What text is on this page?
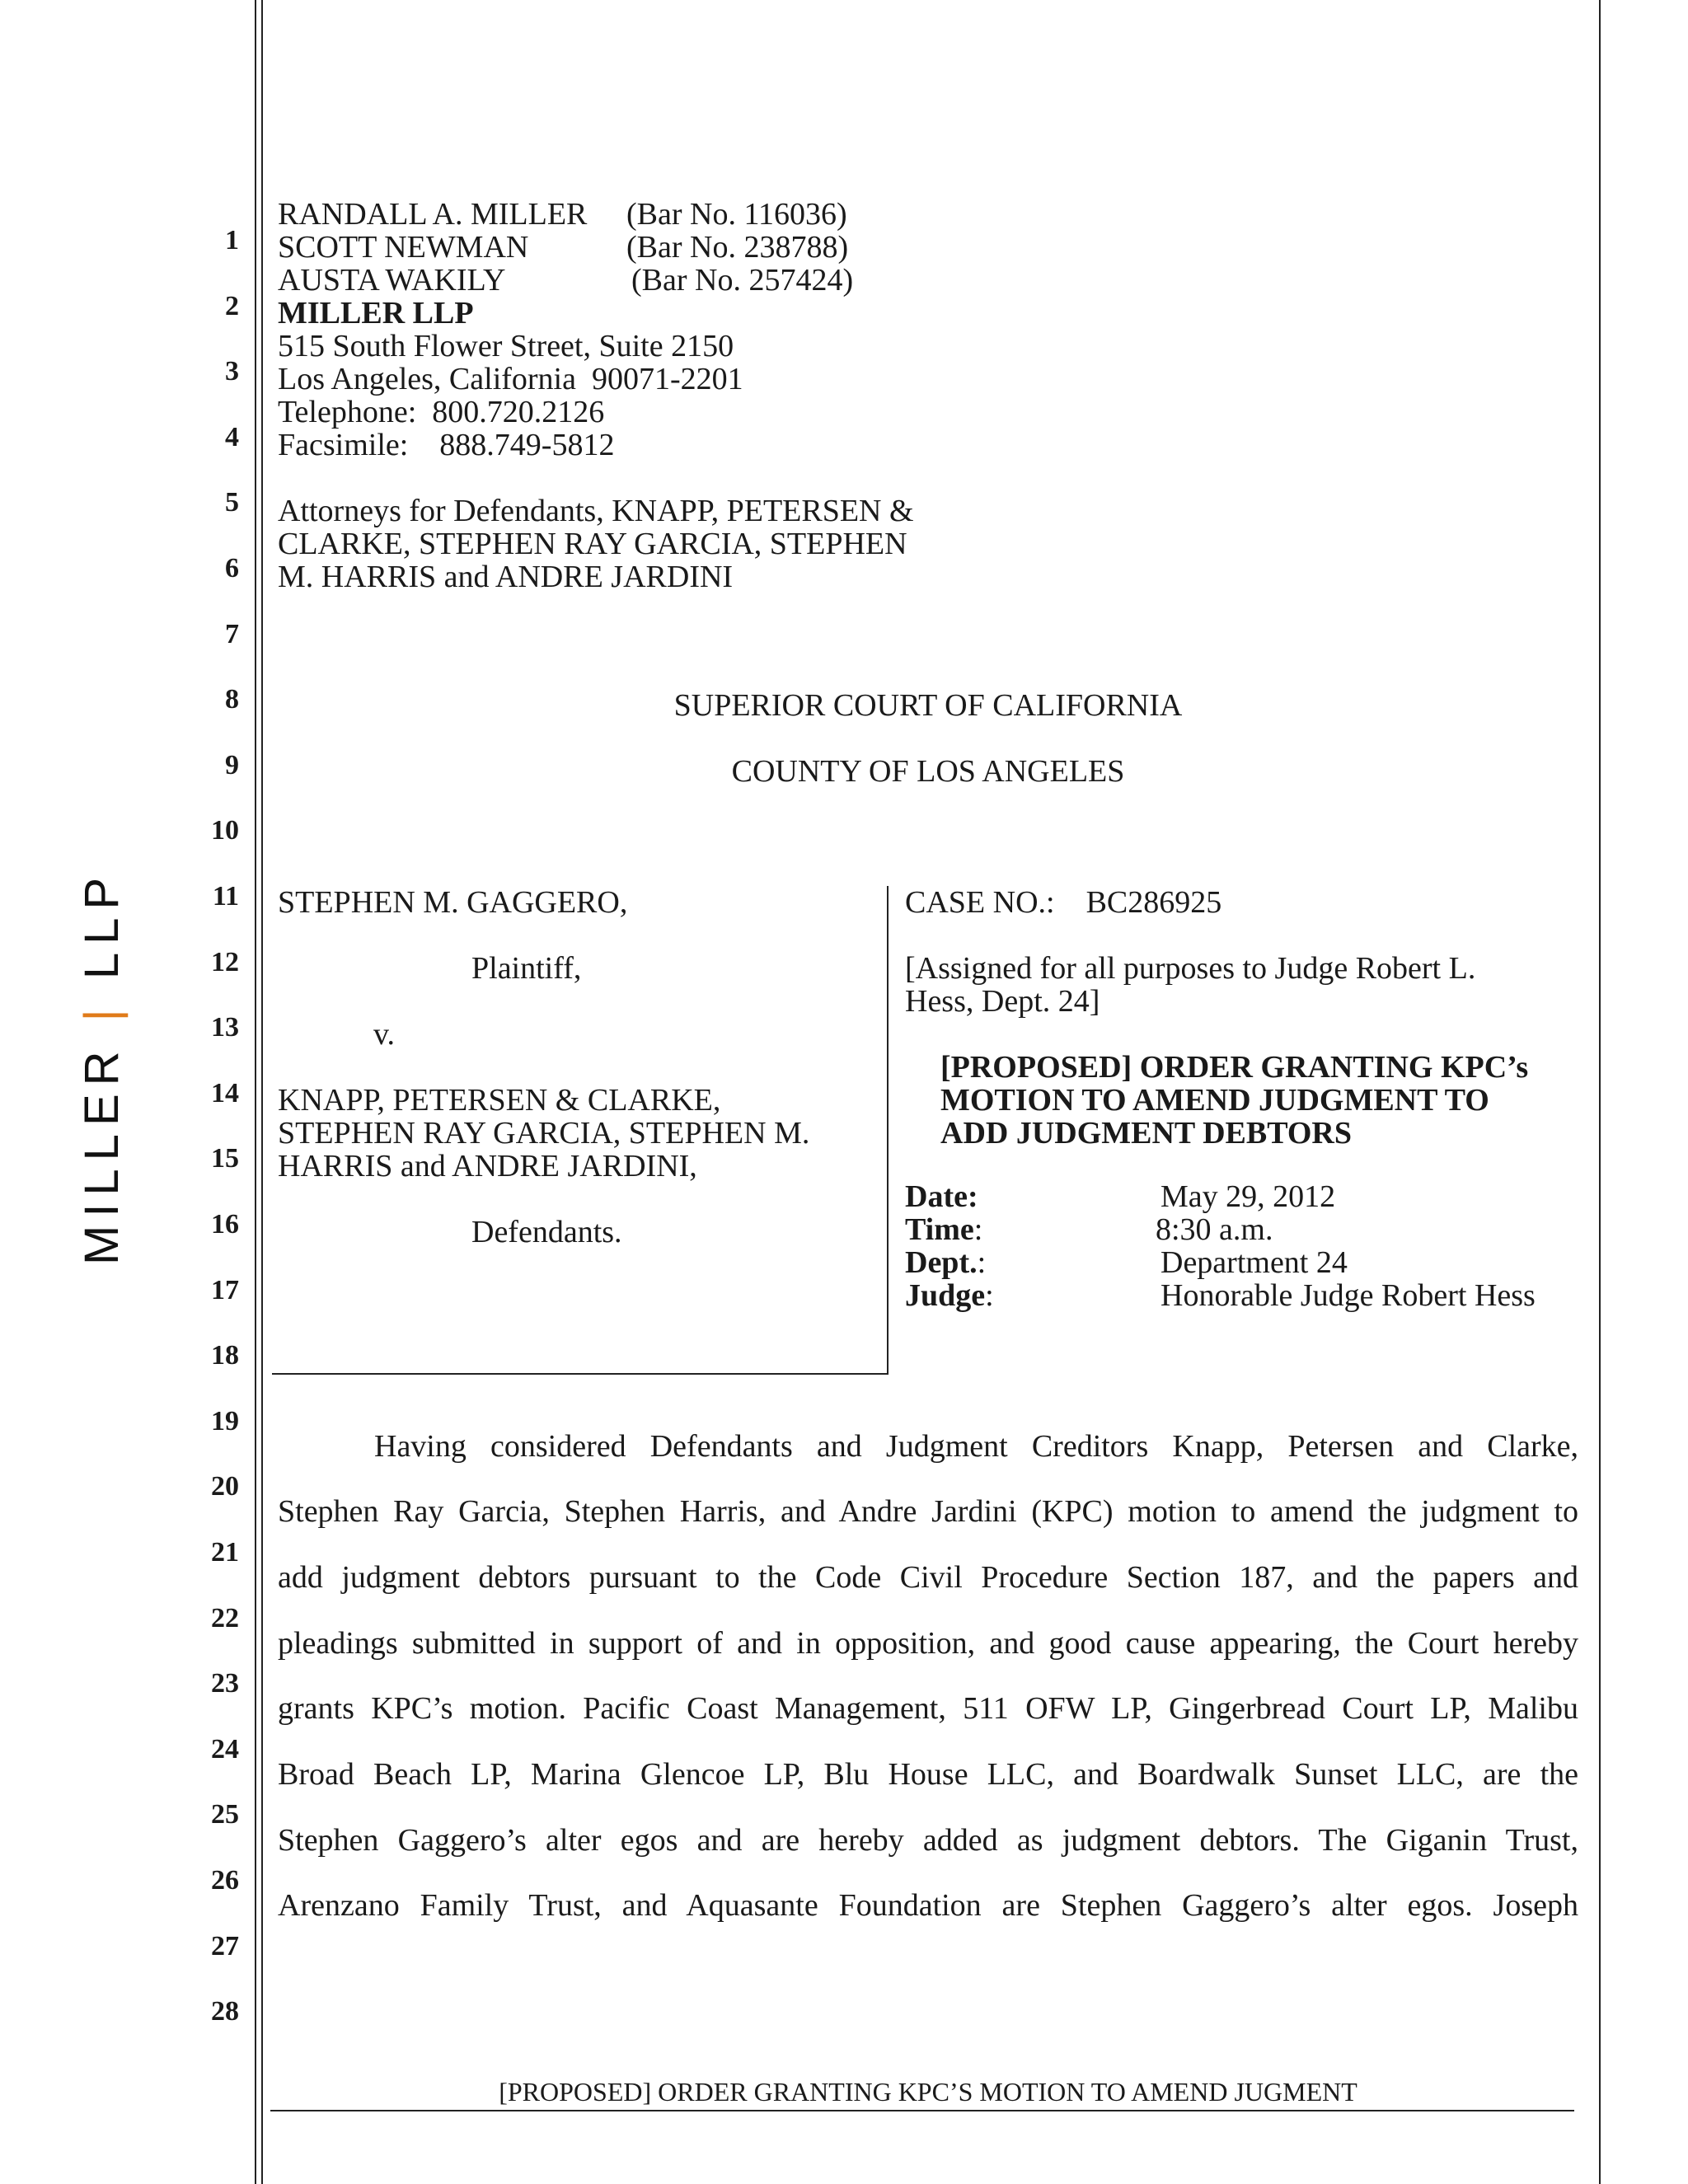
MILLER | LLP
1
2
3
4
5
6
7
8
9
10
11
12
13
14
15
16
17
18
19
20
21
22
23
24
25
26
27
28
RANDALL A. MILLER (Bar No. 116036)
SCOTT NEWMAN	(Bar No. 238788)
AUSTA WAKILY	(Bar No. 257424)
MILLER LLP
515 South Flower Street, Suite 2150
Los Angeles, California  90071-2201
Telephone:  800.720.2126
Facsimile:    888.749-5812
Attorneys for Defendants, KNAPP, PETERSEN &
CLARKE, STEPHEN RAY GARCIA, STEPHEN
M. HARRIS and ANDRE JARDINI
SUPERIOR COURT OF CALIFORNIA
COUNTY OF LOS ANGELES
STEPHEN M. GAGGERO,
Plaintiff,
v.
KNAPP, PETERSEN & CLARKE,
STEPHEN RAY GARCIA, STEPHEN M.
HARRIS and ANDRE JARDINI,
Defendants.
CASE NO.:    BC286925
[Assigned for all purposes to Judge Robert L.
Hess, Dept. 24]
[PROPOSED] ORDER GRANTING KPC’s
MOTION TO AMEND JUDGMENT TO
ADD JUDGMENT DEBTORS
Date:	May 29, 2012
Time:	8:30 a.m.
Dept.:	Department 24
Judge:	Honorable Judge Robert Hess
Having considered Defendants and Judgment Creditors Knapp, Petersen and Clarke,
Stephen Ray Garcia, Stephen Harris, and Andre Jardini (KPC) motion to amend the judgment to
add judgment debtors pursuant to the Code Civil Procedure Section 187, and the papers and
pleadings submitted in support of and in opposition, and good cause appearing, the Court hereby
grants KPC’s motion. Pacific Coast Management, 511 OFW LP, Gingerbread Court LP, Malibu
Broad Beach LP, Marina Glencoe LP, Blu House LLC, and Boardwalk Sunset LLC, are the
Stephen Gaggero’s alter egos and are hereby added as judgment debtors. The Giganin Trust,
Arenzano Family Trust, and Aquasante Foundation are Stephen Gaggero’s alter egos. Joseph
[PROPOSED] ORDER GRANTING KPC’S MOTION TO AMEND JUGMENT
